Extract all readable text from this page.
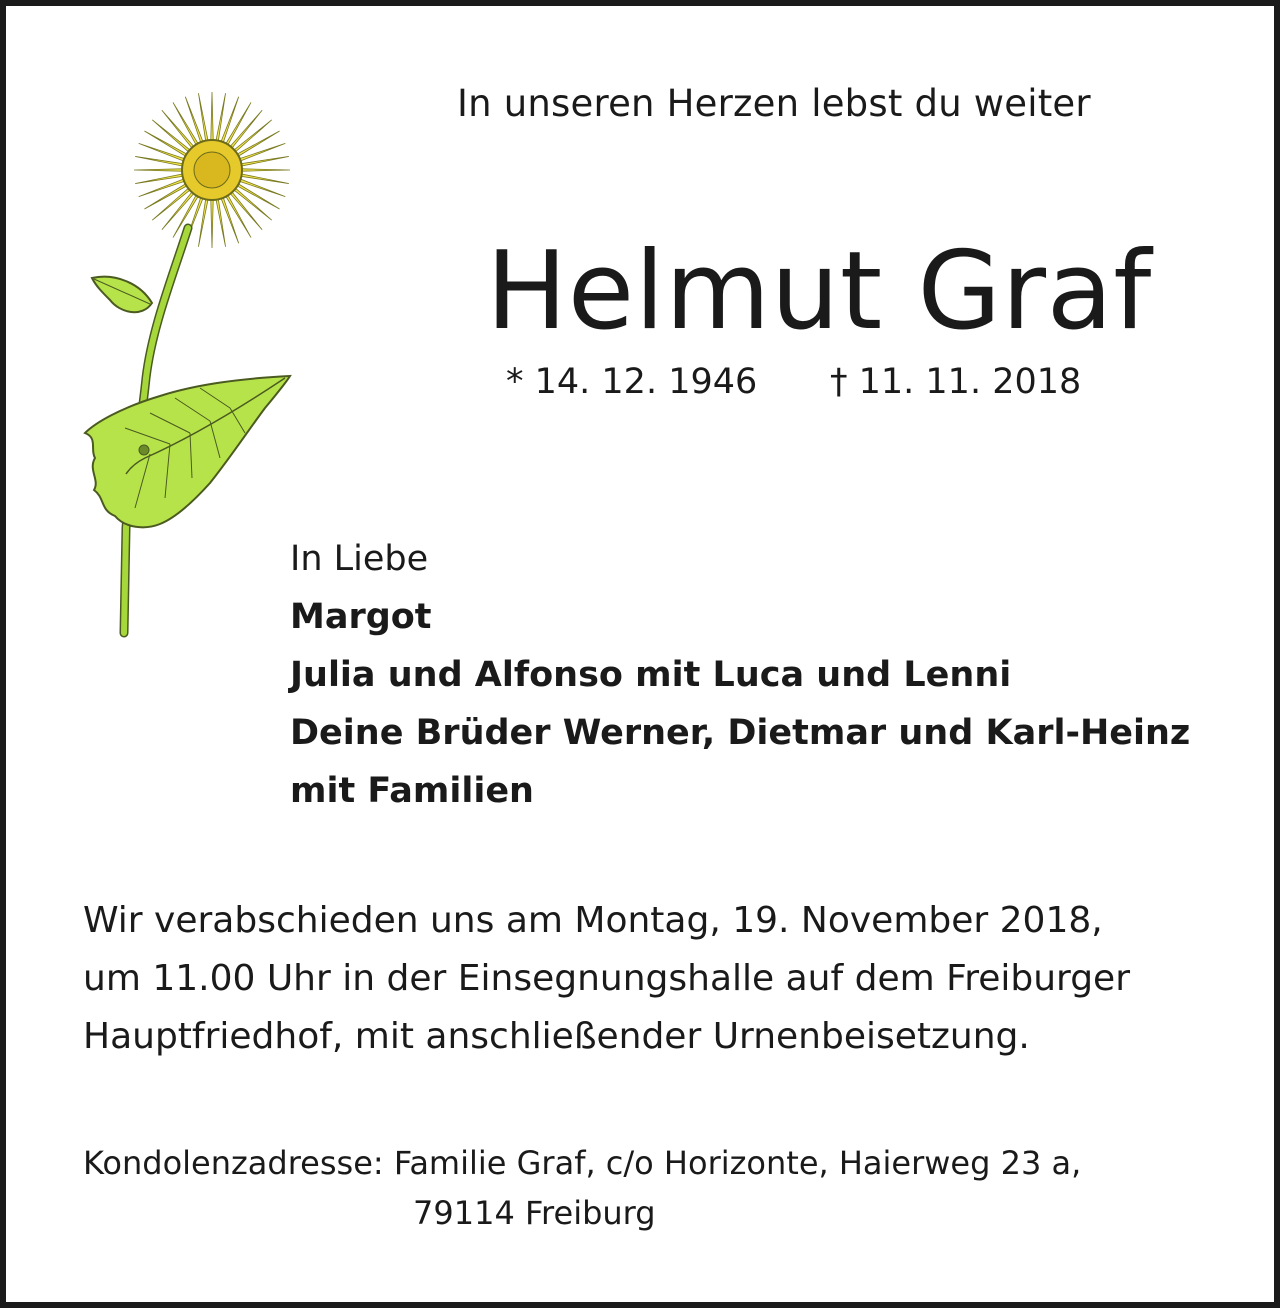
In unseren Herzen lebst du weiter
Helmut Graf
* 14. 12. 1946 † 11. 11. 2018
In Liebe
Margot
Julia und Alfonso mit Luca und Lenni
Deine Brüder Werner, Dietmar und Karl-Heinz
mit Familien
Wir verabschieden uns am Montag, 19. November 2018,
um 11.00 Uhr in der Einsegnungshalle auf dem Freiburger
Hauptfriedhof, mit anschließender Urnenbeisetzung.
Kondolenzadresse: Familie Graf, c/o Horizonte, Haierweg 23 a,
79114 Freiburg
